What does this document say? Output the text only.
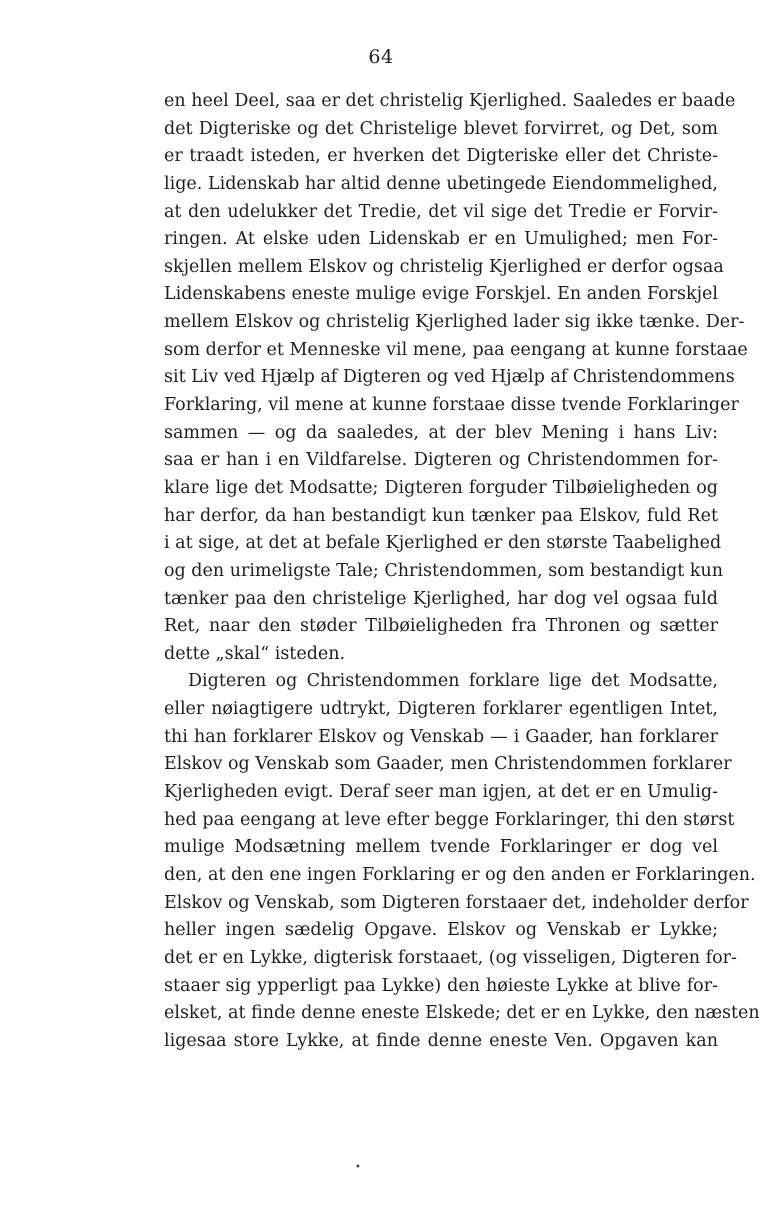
64
en heel Deel, saa er det christelig Kjerlighed. Saaledes er baade
det Digteriske og det Christelige blevet forvirret, og Det, som
er traadt isteden, er hverken det Digteriske eller det Christe-
lige. Lidenskab har altid denne ubetingede Eiendommelighed,
at den udelukker det Tredie, det vil sige det Tredie er Forvir-
ringen. At elske uden Lidenskab er en Umulighed; men For-
skjellen mellem Elskov og christelig Kjerlighed er derfor ogsaa
Lidenskabens eneste mulige evige Forskjel. En anden Forskjel
mellem Elskov og christelig Kjerlighed lader sig ikke tænke. Der-
som derfor et Menneske vil mene, paa eengang at kunne forstaae
sit Liv ved Hjælp af Digteren og ved Hjælp af Christendommens
Forklaring, vil mene at kunne forstaae disse tvende Forklaringer
sammen — og da saaledes, at der blev Mening i hans Liv:
saa er han i en Vildfarelse. Digteren og Christendommen for-
klare lige det Modsatte; Digteren forguder Tilbøieligheden og
har derfor, da han bestandigt kun tænker paa Elskov, fuld Ret
i at sige, at det at befale Kjerlighed er den største Taabelighed
og den urimeligste Tale; Christendommen, som bestandigt kun
tænker paa den christelige Kjerlighed, har dog vel ogsaa fuld
Ret, naar den støder Tilbøieligheden fra Thronen og sætter
dette „skal“ isteden.
Digteren og Christendommen forklare lige det Modsatte,
eller nøiagtigere udtrykt, Digteren forklarer egentligen Intet,
thi han forklarer Elskov og Venskab — i Gaader, han forklarer
Elskov og Venskab som Gaader, men Christendommen forklarer
Kjerligheden evigt. Deraf seer man igjen, at det er en Umulig-
hed paa eengang at leve efter begge Forklaringer, thi den størst
mulige Modsætning mellem tvende Forklaringer er dog vel
den, at den ene ingen Forklaring er og den anden er Forklaringen.
Elskov og Venskab, som Digteren forstaaer det, indeholder derfor
heller ingen sædelig Opgave. Elskov og Venskab er Lykke;
det er en Lykke, digterisk forstaaet, (og visseligen, Digteren for-
staaer sig ypperligt paa Lykke) den høieste Lykke at blive for-
elsket, at finde denne eneste Elskede; det er en Lykke, den næsten
ligesaa store Lykke, at finde denne eneste Ven. Opgaven kan
•
